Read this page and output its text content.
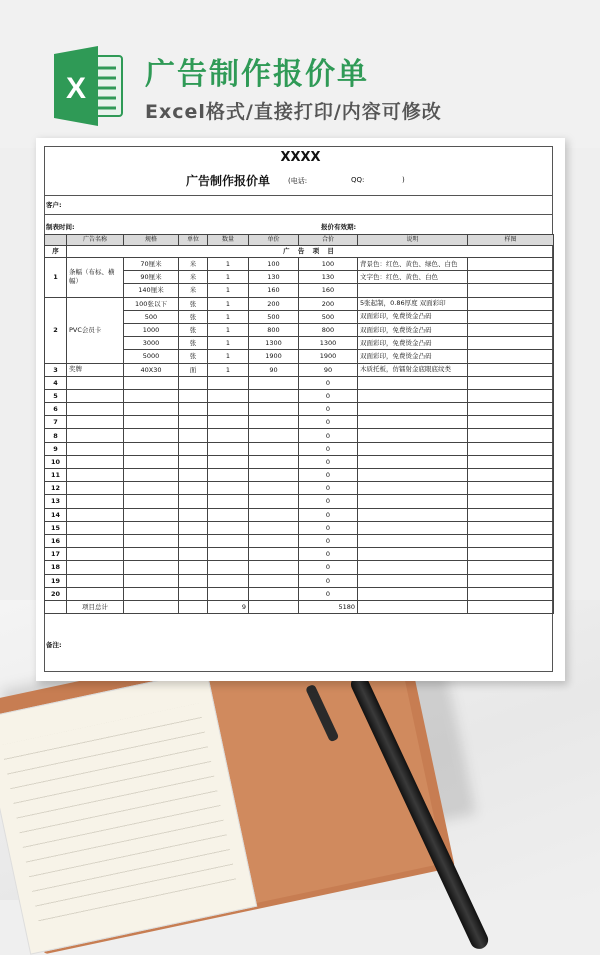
X 广告制作报价单
Excel格式/直接打印/内容可修改
XXXX
广告制作报价单	(电话:	QQ:	)
客户:
制表时间:	报价有效期:
	广告名称	规格	单位	数量	单价	合价	说明	样图
序	广 告 项 目							
1	条幅（布标、横幅）	70厘米	米	1	100	100	背景色：红色、黄色、绿色、白色	
		90厘米	米	1	130	130	文字色：红色、黄色、白色	
		140厘米	米	1	160	160		
2	PVC会员卡	100张以下	张	1	200	200	5张起制，0.86厚度 双面彩印	
		500	张	1	500	500	双面彩印，免费烫金凸码	
		1000	张	1	800	800	双面彩印，免费烫金凸码	
		3000	张	1	1300	1300	双面彩印，免费烫金凸码	
		5000	张	1	1900	1900	双面彩印，免费烫金凸码	
3	奖牌	40X30	面	1	90	90	木质托板，仿镭射金底眼底纹类	
4						0		
5						0		
6						0		
7						0		
8						0		
9						0		
10						0		
11						0		
12						0		
13						0		
14						0		
15						0		
16						0		
17						0		
18						0		
19						0		
20						0		
	项目总计			9		5180		
备注:
